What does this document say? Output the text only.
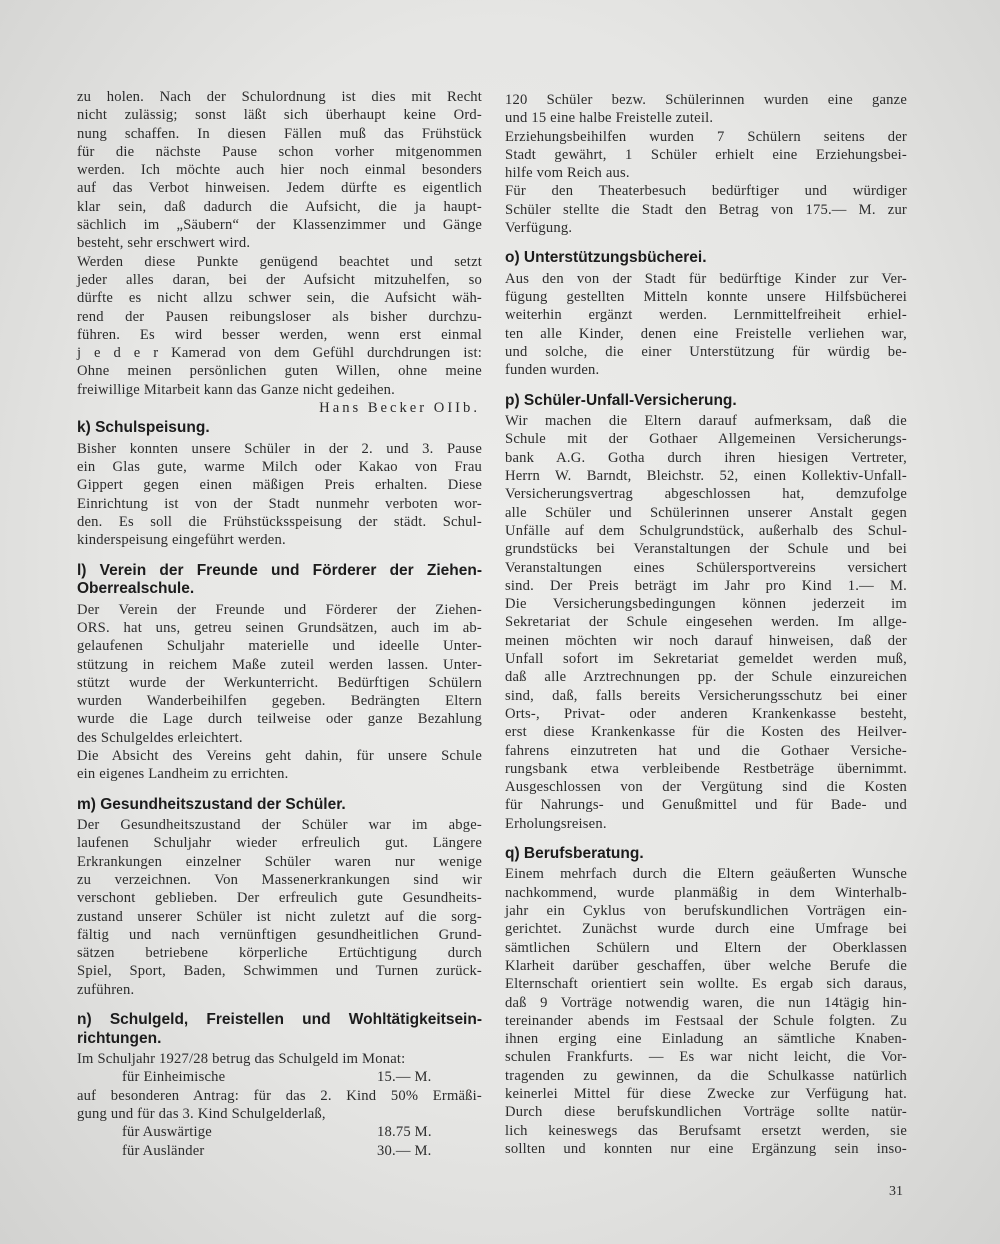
zu holen. Nach der Schulordnung ist dies mit Recht
nicht zulässig; sonst läßt sich überhaupt keine Ord-
nung schaffen. In diesen Fällen muß das Frühstück
für die nächste Pause schon vorher mitgenommen
werden. Ich möchte auch hier noch einmal besonders
auf das Verbot hinweisen. Jedem dürfte es eigentlich
klar sein, daß dadurch die Aufsicht, die ja haupt-
sächlich im „Säubern“ der Klassenzimmer und Gänge
besteht, sehr erschwert wird.
Werden diese Punkte genügend beachtet und setzt
jeder alles daran, bei der Aufsicht mitzuhelfen, so
dürfte es nicht allzu schwer sein, die Aufsicht wäh-
rend der Pausen reibungsloser als bisher durchzu-
führen. Es wird besser werden, wenn erst einmal
j e d e r Kamerad von dem Gefühl durchdrungen ist:
Ohne meinen persönlichen guten Willen, ohne meine
freiwillige Mitarbeit kann das Ganze nicht gedeihen.
Hans Becker OIIb.
k) Schulspeisung.
Bisher konnten unsere Schüler in der 2. und 3. Pause
ein Glas gute, warme Milch oder Kakao von Frau
Gippert gegen einen mäßigen Preis erhalten. Diese
Einrichtung ist von der Stadt nunmehr verboten wor-
den. Es soll die Frühstücksspeisung der städt. Schul-
kinderspeisung eingeführt werden.
l) Verein der Freunde und Förderer der Ziehen-
Oberrealschule.
Der Verein der Freunde und Förderer der Ziehen-
ORS. hat uns, getreu seinen Grundsätzen, auch im ab-
gelaufenen Schuljahr materielle und ideelle Unter-
stützung in reichem Maße zuteil werden lassen. Unter-
stützt wurde der Werkunterricht. Bedürftigen Schülern
wurden Wanderbeihilfen gegeben. Bedrängten Eltern
wurde die Lage durch teilweise oder ganze Bezahlung
des Schulgeldes erleichtert.
Die Absicht des Vereins geht dahin, für unsere Schule
ein eigenes Landheim zu errichten.
m) Gesundheitszustand der Schüler.
Der Gesundheitszustand der Schüler war im abge-
laufenen Schuljahr wieder erfreulich gut. Längere
Erkrankungen einzelner Schüler waren nur wenige
zu verzeichnen. Von Massenerkrankungen sind wir
verschont geblieben. Der erfreulich gute Gesundheits-
zustand unserer Schüler ist nicht zuletzt auf die sorg-
fältig und nach vernünftigen gesundheitlichen Grund-
sätzen betriebene körperliche Ertüchtigung durch
Spiel, Sport, Baden, Schwimmen und Turnen zurück-
zuführen.
n) Schulgeld, Freistellen und Wohltätigkeitsein-
richtungen.
Im Schuljahr 1927/28 betrug das Schulgeld im Monat:
für Einheimische	15.— M.
auf besonderen Antrag: für das 2. Kind 50% Ermäßi-
gung und für das 3. Kind Schulgelderlaß,
für Auswärtige	18.75 M.
für Ausländer	30.— M.
120 Schüler bezw. Schülerinnen wurden eine ganze
und 15 eine halbe Freistelle zuteil.
Erziehungsbeihilfen wurden 7 Schülern seitens der
Stadt gewährt, 1 Schüler erhielt eine Erziehungsbei-
hilfe vom Reich aus.
Für den Theaterbesuch bedürftiger und würdiger
Schüler stellte die Stadt den Betrag von 175.— M. zur
Verfügung.
o) Unterstützungsbücherei.
Aus den von der Stadt für bedürftige Kinder zur Ver-
fügung gestellten Mitteln konnte unsere Hilfsbücherei
weiterhin ergänzt werden. Lernmittelfreiheit erhiel-
ten alle Kinder, denen eine Freistelle verliehen war,
und solche, die einer Unterstützung für würdig be-
funden wurden.
p) Schüler-Unfall-Versicherung.
Wir machen die Eltern darauf aufmerksam, daß die
Schule mit der Gothaer Allgemeinen Versicherungs-
bank A.G. Gotha durch ihren hiesigen Vertreter,
Herrn W. Barndt, Bleichstr. 52, einen Kollektiv-Unfall-
Versicherungsvertrag abgeschlossen hat, demzufolge
alle Schüler und Schülerinnen unserer Anstalt gegen
Unfälle auf dem Schulgrundstück, außerhalb des Schul-
grundstücks bei Veranstaltungen der Schule und bei
Veranstaltungen eines Schülersportvereins versichert
sind. Der Preis beträgt im Jahr pro Kind 1.— M.
Die Versicherungsbedingungen können jederzeit im
Sekretariat der Schule eingesehen werden. Im allge-
meinen möchten wir noch darauf hinweisen, daß der
Unfall sofort im Sekretariat gemeldet werden muß,
daß alle Arztrechnungen pp. der Schule einzureichen
sind, daß, falls bereits Versicherungsschutz bei einer
Orts-, Privat- oder anderen Krankenkasse besteht,
erst diese Krankenkasse für die Kosten des Heilver-
fahrens einzutreten hat und die Gothaer Versiche-
rungsbank etwa verbleibende Restbeträge übernimmt.
Ausgeschlossen von der Vergütung sind die Kosten
für Nahrungs- und Genußmittel und für Bade- und
Erholungsreisen.
q) Berufsberatung.
Einem mehrfach durch die Eltern geäußerten Wunsche
nachkommend, wurde planmäßig in dem Winterhalb-
jahr ein Cyklus von berufskundlichen Vorträgen ein-
gerichtet. Zunächst wurde durch eine Umfrage bei
sämtlichen Schülern und Eltern der Oberklassen
Klarheit darüber geschaffen, über welche Berufe die
Elternschaft orientiert sein wollte. Es ergab sich daraus,
daß 9 Vorträge notwendig waren, die nun 14tägig hin-
tereinander abends im Festsaal der Schule folgten. Zu
ihnen erging eine Einladung an sämtliche Knaben-
schulen Frankfurts. — Es war nicht leicht, die Vor-
tragenden zu gewinnen, da die Schulkasse natürlich
keinerlei Mittel für diese Zwecke zur Verfügung hat.
Durch diese berufskundlichen Vorträge sollte natür-
lich keineswegs das Berufsamt ersetzt werden, sie
sollten und konnten nur eine Ergänzung sein inso-
31
